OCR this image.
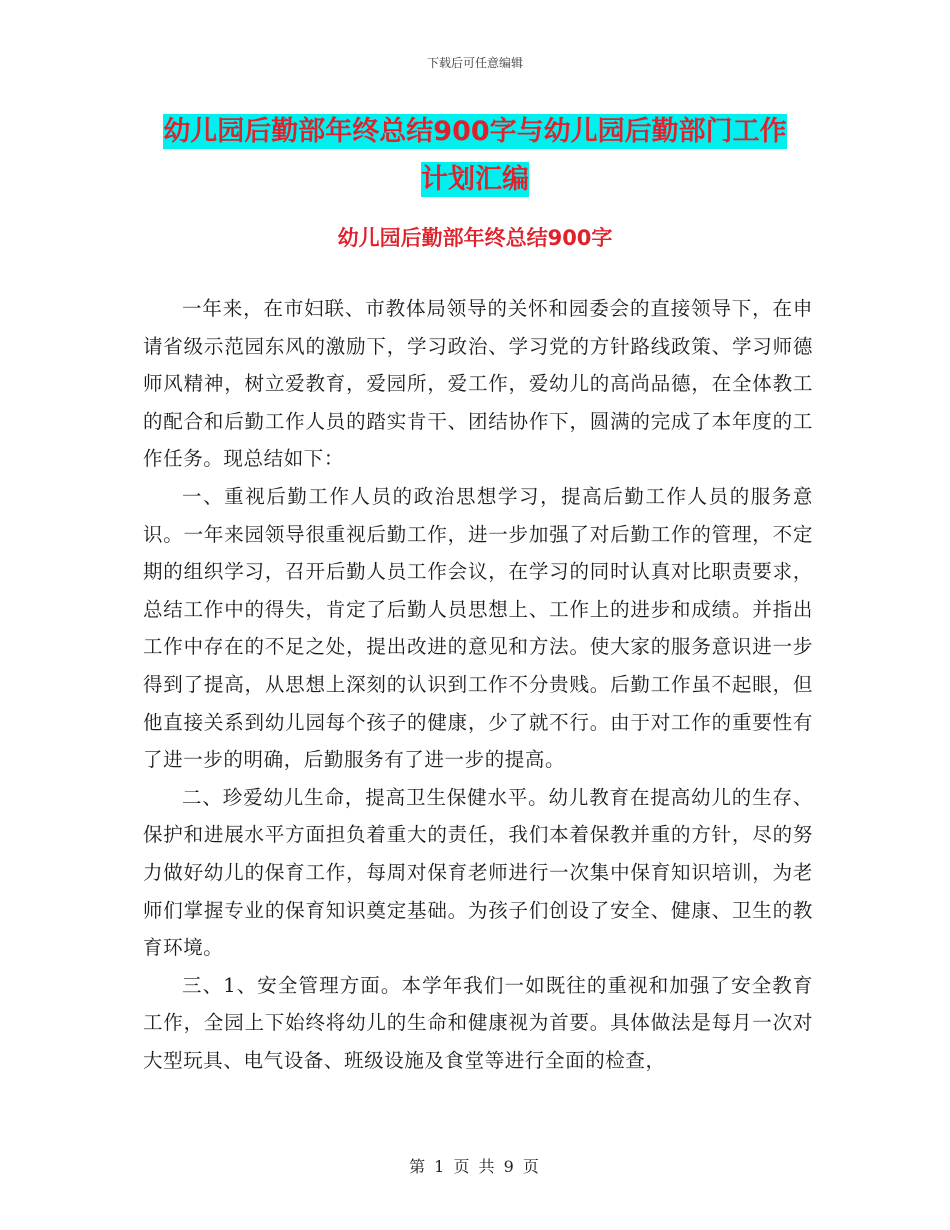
下载后可任意编辑
幼儿园后勤部年终总结900字与幼儿园后勤部门工作
计划汇编
幼儿园后勤部年终总结900字

一年来，在市妇联、市教体局领导的关怀和园委会的直接领导下，在申请省级示范园东风的激励下，学习政治、学习党的方针路线政策、学习师德师风精神，树立爱教育，爱园所，爱工作，爱幼儿的高尚品德，在全体教工的配合和后勤工作人员的踏实肯干、团结协作下，圆满的完成了本年度的工作任务。现总结如下：

一、重视后勤工作人员的政治思想学习，提高后勤工作人员的服务意识。一年来园领导很重视后勤工作，进一步加强了对后勤工作的管理，不定期的组织学习，召开后勤人员工作会议，在学习的同时认真对比职责要求，总结工作中的得失，肯定了后勤人员思想上、工作上的进步和成绩。并指出工作中存在的不足之处，提出改进的意见和方法。使大家的服务意识进一步得到了提高，从思想上深刻的认识到工作不分贵贱。后勤工作虽不起眼，但他直接关系到幼儿园每个孩子的健康，少了就不行。由于对工作的重要性有了进一步的明确，后勤服务有了进一步的提高。

二、珍爱幼儿生命，提高卫生保健水平。幼儿教育在提高幼儿的生存、保护和进展水平方面担负着重大的责任，我们本着保教并重的方针，尽的努力做好幼儿的保育工作，每周对保育老师进行一次集中保育知识培训，为老师们掌握专业的保育知识奠定基础。为孩子们创设了安全、健康、卫生的教育环境。

三、1、安全管理方面。本学年我们一如既往的重视和加强了安全教育工作，全园上下始终将幼儿的生命和健康视为首要。具体做法是每月一次对大型玩具、电气设备、班级设施及食堂等进行全面的检查，

第 1 页 共 9 页
